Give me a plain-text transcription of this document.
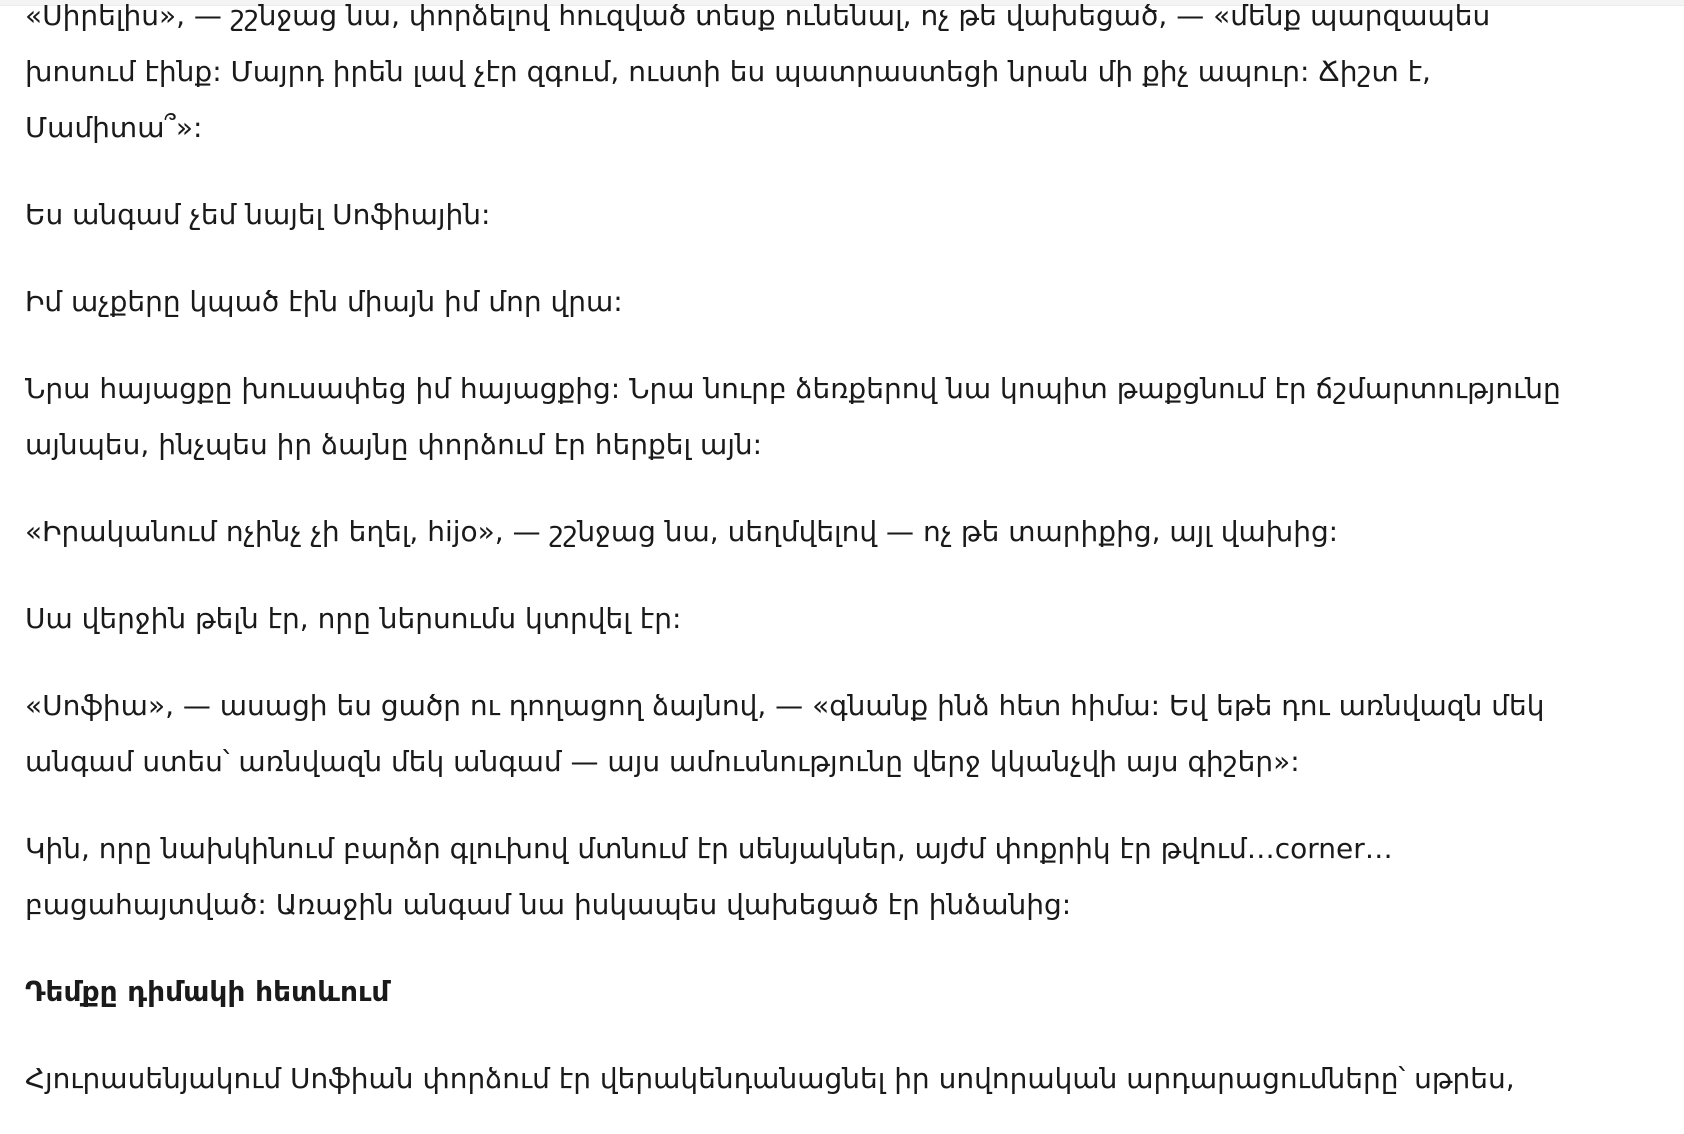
«Սիրելիս», — շշնջաց նա, փորձելով հուզված տեսք ունենալ, ոչ թե վախեցած, — «մենք պարզապես խոսում էինք: Մայրդ իրեն լավ չէր զգում, ուստի ես պատրաստեցի նրան մի քիչ ապուր: Ճիշտ է, Մամիտա՞»:

Ես անգամ չեմ նայել Սոֆիային:

Իմ աչքերը կպած էին միայն իմ մոր վրա:

Նրա հայացքը խուսափեց իմ հայացքից: Նրա նուրբ ձեռքերով նա կոպիտ թաքցնում էր ճշմարտությունը այնպես, ինչպես իր ձայնը փորձում էր հերքել այն:

«Իրականում ոչինչ չի եղել, hijo», — շշնջաց նա, սեղմվելով — ոչ թե տարիքից, այլ վախից:

Սա վերջին թելն էր, որը ներսումս կտրվել էր:

«Սոֆիա», — ասացի ես ցածր ու դողացող ձայնով, — «գնանք ինձ հետ հիմա: Եվ եթե դու առնվազն մեկ անգամ ստես՝ առնվազն մեկ անգամ — այս ամուսնությունը վերջ կկանչվի այս գիշեր»:

Կին, որը նախկինում բարձր գլուխով մտնում էր սենյակներ, այժմ փոքրիկ էր թվում…corner… բացահայտված: Առաջին անգամ նա իսկապես վախեցած էր ինձանից:

Դեմքը դիմակի հետևում

Հյուրասենյակում Սոֆիան փորձում էր վերակենդանացնել իր սովորական արդարացումները՝ սթրես,
